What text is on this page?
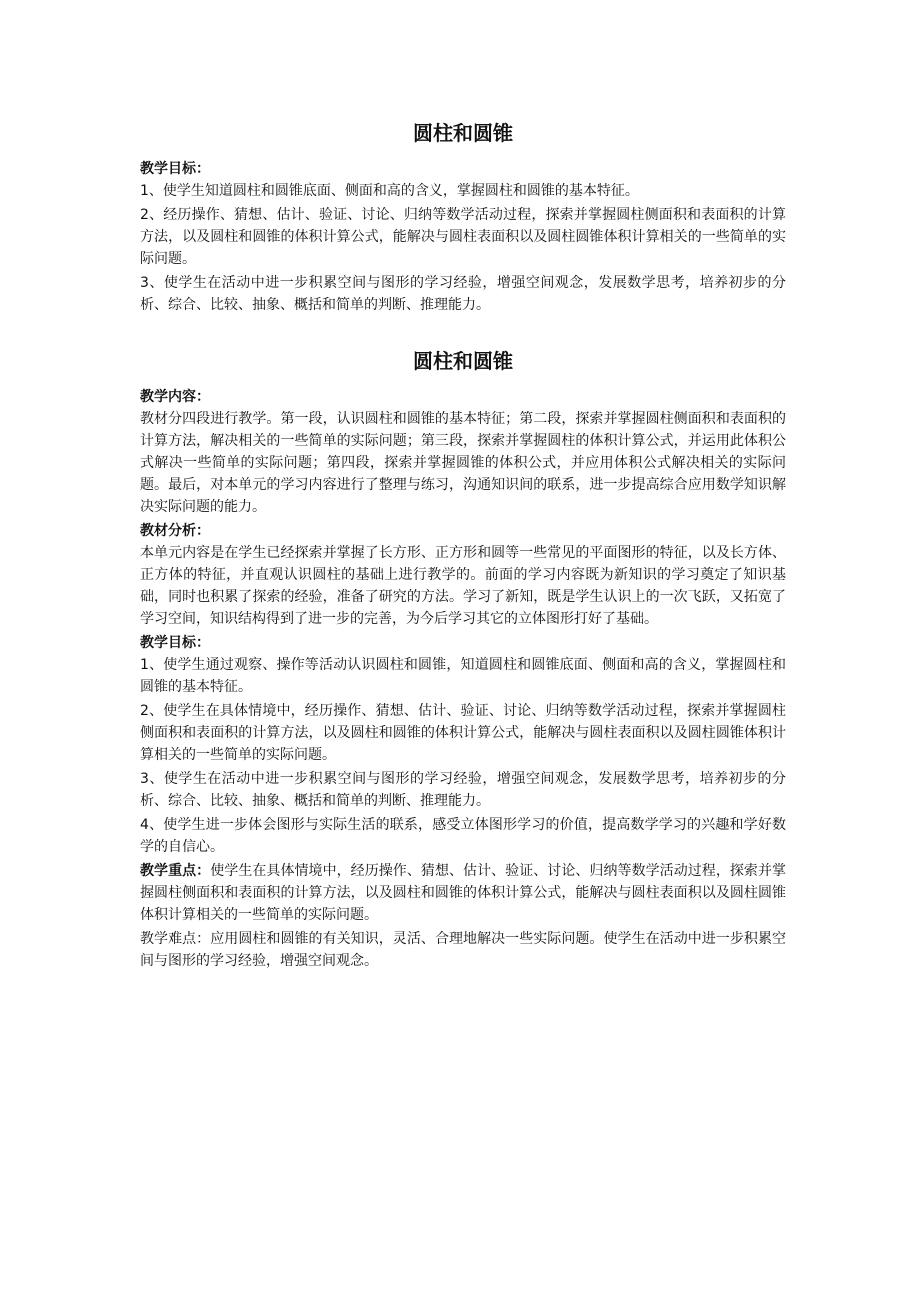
圆柱和圆锥
教学目标：

1、使学生知道圆柱和圆锥底面、侧面和高的含义，掌握圆柱和圆锥的基本特征。

2、经历操作、猜想、估计、验证、讨论、归纳等数学活动过程，探索并掌握圆柱侧面积和表面积的计算方法，以及圆柱和圆锥的体积计算公式，能解决与圆柱表面积以及圆柱圆锥体积计算相关的一些简单的实际问题。

3、使学生在活动中进一步积累空间与图形的学习经验，增强空间观念，发展数学思考，培养初步的分析、综合、比较、抽象、概括和简单的判断、推理能力。

圆柱和圆锥
教学内容：

教材分四段进行教学。第一段，认识圆柱和圆锥的基本特征；第二段，探索并掌握圆柱侧面积和表面积的计算方法，解决相关的一些简单的实际问题；第三段，探索并掌握圆柱的体积计算公式，并运用此体积公式解决一些简单的实际问题；第四段，探索并掌握圆锥的体积公式，并应用体积公式解决相关的实际问题。最后，对本单元的学习内容进行了整理与练习，沟通知识间的联系，进一步提高综合应用数学知识解决实际问题的能力。

教材分析：

本单元内容是在学生已经探索并掌握了长方形、正方形和圆等一些常见的平面图形的特征，以及长方体、正方体的特征，并直观认识圆柱的基础上进行教学的。前面的学习内容既为新知识的学习奠定了知识基础，同时也积累了探索的经验，准备了研究的方法。学习了新知，既是学生认识上的一次飞跃，又拓宽了学习空间，知识结构得到了进一步的完善，为今后学习其它的立体图形打好了基础。

教学目标：

1、使学生通过观察、操作等活动认识圆柱和圆锥，知道圆柱和圆锥底面、侧面和高的含义，掌握圆柱和圆锥的基本特征。

2、使学生在具体情境中，经历操作、猜想、估计、验证、讨论、归纳等数学活动过程，探索并掌握圆柱侧面积和表面积的计算方法，以及圆柱和圆锥的体积计算公式，能解决与圆柱表面积以及圆柱圆锥体积计算相关的一些简单的实际问题。

3、使学生在活动中进一步积累空间与图形的学习经验，增强空间观念，发展数学思考，培养初步的分析、综合、比较、抽象、概括和简单的判断、推理能力。

4、使学生进一步体会图形与实际生活的联系，感受立体图形学习的价值，提高数学学习的兴趣和学好数学的自信心。

教学重点：使学生在具体情境中，经历操作、猜想、估计、验证、讨论、归纳等数学活动过程，探索并掌握圆柱侧面积和表面积的计算方法，以及圆柱和圆锥的体积计算公式，能解决与圆柱表面积以及圆柱圆锥体积计算相关的一些简单的实际问题。

教学难点：应用圆柱和圆锥的有关知识，灵活、合理地解决一些实际问题。使学生在活动中进一步积累空间与图形的学习经验，增强空间观念。
